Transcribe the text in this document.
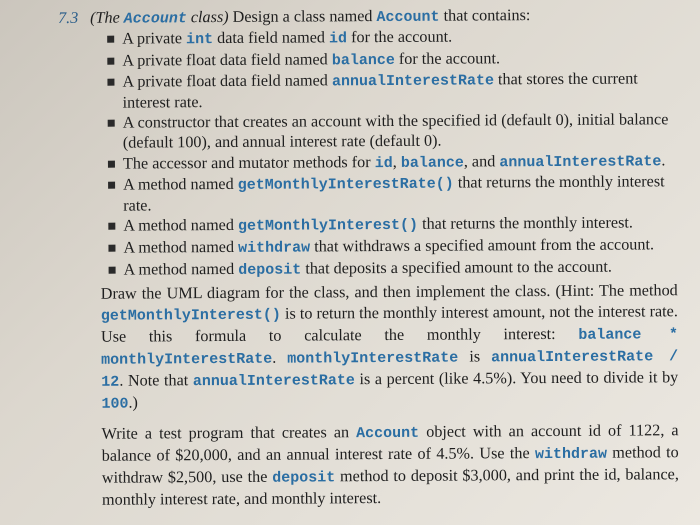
7.3 (The Account class) Design a class named Account that contains:
A private int data field named id for the account.
A private float data field named balance for the account.
A private float data field named annualInterestRate that stores the current interest rate.
A constructor that creates an account with the specified id (default 0), initial balance (default 100), and annual interest rate (default 0).
The accessor and mutator methods for id, balance, and annualInterestRate.
A method named getMonthlyInterestRate() that returns the monthly interest rate.
A method named getMonthlyInterest() that returns the monthly interest.
A method named withdraw that withdraws a specified amount from the account.
A method named deposit that deposits a specified amount to the account.

Draw the UML diagram for the class, and then implement the class. (Hint: The method getMonthlyInterest() is to return the monthly interest amount, not the interest rate. Use this formula to calculate the monthly interest: balance * monthlyInterestRate. monthlyInterestRate is annualInterestRate / 12. Note that annualInterestRate is a percent (like 4.5%). You need to divide it by 100.)

Write a test program that creates an Account object with an account id of 1122, a balance of $20,000, and an annual interest rate of 4.5%. Use the withdraw method to withdraw $2,500, use the deposit method to deposit $3,000, and print the id, balance, monthly interest rate, and monthly interest.
